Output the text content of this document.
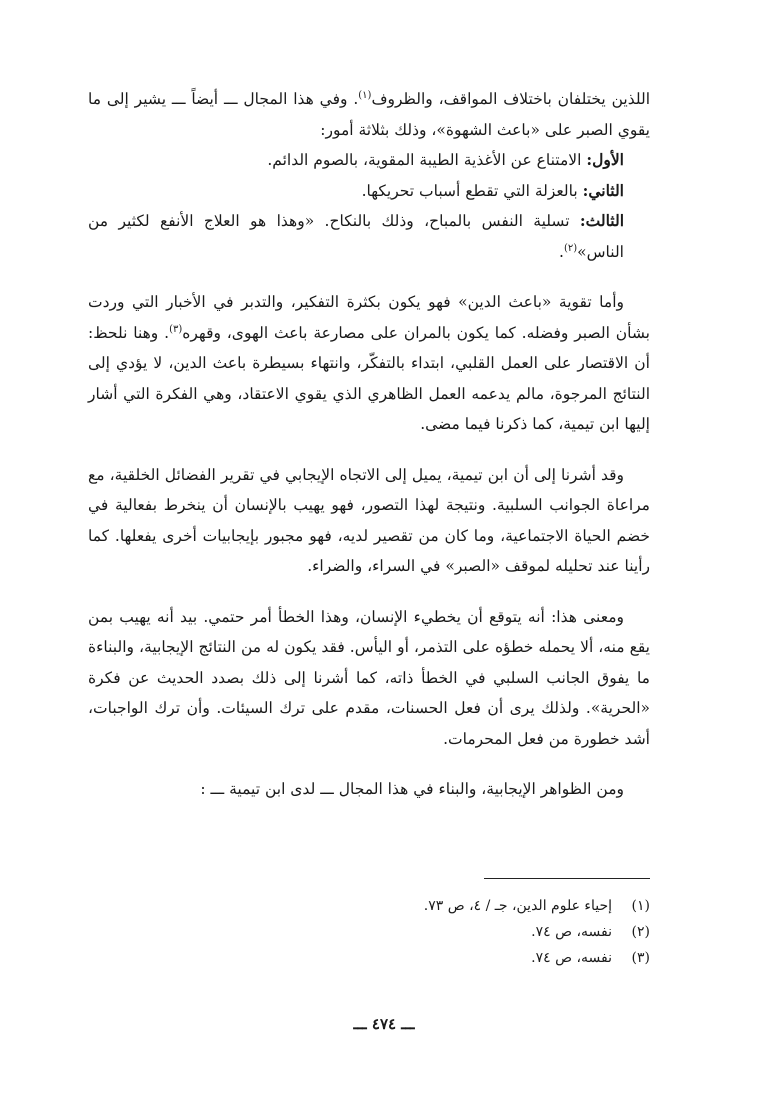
اللذين يختلفان باختلاف المواقف، والظروف$^{(١)}$. وفي هذا المجال ـــ أيضاً ـــ يشير إلى ما يقوي الصبر على «باعث الشهوة»، وذلك بثلاثة أمور:

الأول: الامتناع عن الأغذية الطيبة المقوية، بالصوم الدائم.

الثاني: بالعزلة التي تقطع أسباب تحريكها.

الثالث: تسلية النفس بالمباح، وذلك بالنكاح. «وهذا هو العلاج الأنفع لكثير من الناس»$^{(٢)}$.

وأما تقوية «باعث الدين» فهو يكون بكثرة التفكير، والتدبر في الأخبار التي وردت بشأن الصبر وفضله. كما يكون بالمران على مصارعة باعث الهوى، وقهره$^{(٣)}$. وهنا نلحظ: أن الاقتصار على العمل القلبي، ابتداء بالتفكّر، وانتهاء بسيطرة باعث الدين، لا يؤدي إلى النتائج المرجوة، مالم يدعمه العمل الظاهري الذي يقوي الاعتقاد، وهي الفكرة التي أشار إليها ابن تيمية، كما ذكرنا فيما مضى.

وقد أشرنا إلى أن ابن تيمية، يميل إلى الاتجاه الإيجابي في تقرير الفضائل الخلقية، مع مراعاة الجوانب السلبية. ونتيجة لهذا التصور، فهو يهيب بالإنسان أن ينخرط بفعالية في خضم الحياة الاجتماعية، وما كان من تقصير لديه، فهو مجبور بإيجابيات أخرى يفعلها. كما رأينا عند تحليله لموقف «الصبر» في السراء، والضراء.

ومعنى هذا: أنه يتوقع أن يخطيء الإنسان، وهذا الخطأ أمر حتمي. بيد أنه يهيب بمن يقع منه، ألا يحمله خطؤه على التذمر، أو اليأس. فقد يكون له من النتائج الإيجابية، والبناءة ما يفوق الجانب السلبي في الخطأ ذاته، كما أشرنا إلى ذلك بصدد الحديث عن فكرة «الحرية». ولذلك يرى أن فعل الحسنات، مقدم على ترك السيئات. وأن ترك الواجبات، أشد خطورة من فعل المحرمات.

ومن الظواهر الإيجابية، والبناء في هذا المجال ـــ لدى ابن تيمية ـــ :

(١)إحياء علوم الدين، جـ / ٤، ص ٧٣.
(٢)نفسه، ص ٧٤.
(٣)نفسه، ص ٧٤.
ـــ ٤٧٤ ـــ
